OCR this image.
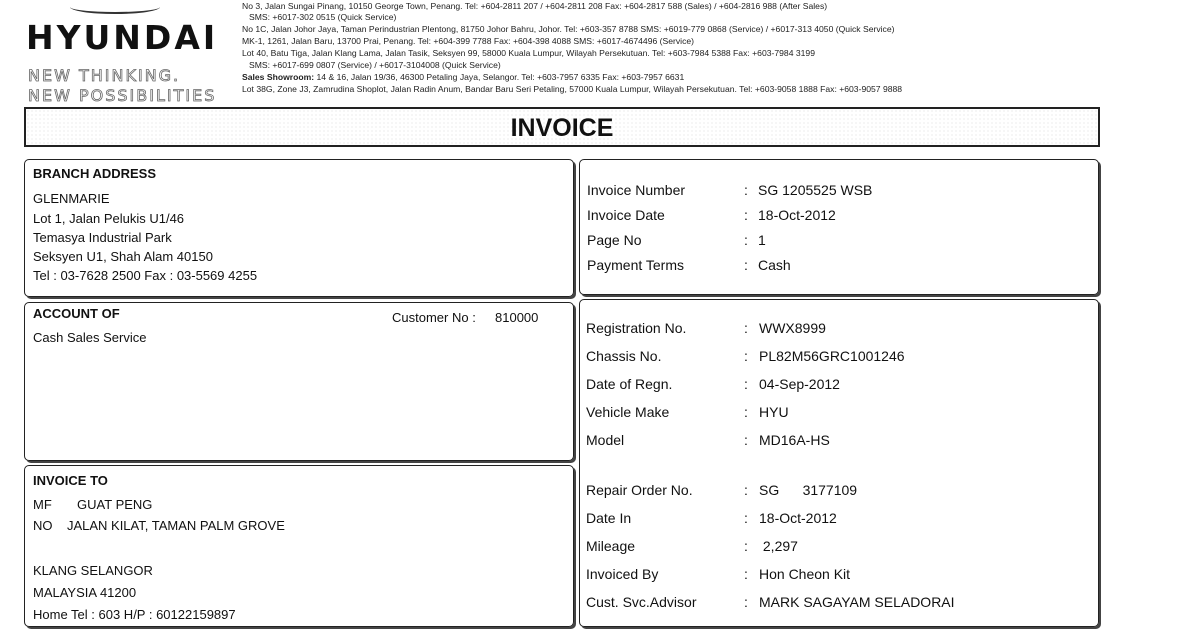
HYUNDAI
NEW THINKING.
NEW POSSIBILITIES
No 3, Jalan Sungai Pinang, 10150 George Town, Penang. Tel: +604-2811 207 / +604-2811 208 Fax: +604-2817 588 (Sales) / +604-2816 988 (After Sales)
SMS: +6017-302 0515 (Quick Service)
No 1C, Jalan Johor Jaya, Taman Perindustrian Plentong, 81750 Johor Bahru, Johor. Tel: +603-357 8788 SMS: +6019-779 0868 (Service) / +6017-313 4050 (Quick Service)
MK-1, 1261, Jalan Baru, 13700 Prai, Penang. Tel: +604-399 7788 Fax: +604-398 4088 SMS: +6017-4674496 (Service)
Lot 40, Batu Tiga, Jalan Klang Lama, Jalan Tasik, Seksyen 99, 58000 Kuala Lumpur, Wilayah Persekutuan. Tel: +603-7984 5388 Fax: +603-7984 3199
SMS: +6017-699 0807 (Service) / +6017-3104008 (Quick Service)
Sales Showroom: 14 & 16, Jalan 19/36, 46300 Petaling Jaya, Selangor. Tel: +603-7957 6335 Fax: +603-7957 6631
Lot 38G, Zone J3, Zamrudina Shoplot, Jalan Radin Anum, Bandar Baru Seri Petaling, 57000 Kuala Lumpur, Wilayah Persekutuan. Tel: +603-9058 1888 Fax: +603-9057 9888
INVOICE
BRANCH ADDRESS
GLENMARIE
Lot 1, Jalan Pelukis U1/46
Temasya Industrial Park
Seksyen U1, Shah Alam 40150
Tel : 03-7628 2500 Fax : 03-5569 4255
ACCOUNT OF	Customer No : 810000
Cash Sales Service
INVOICE TO
MF       GUAT PENG
NO    JALAN KILAT, TAMAN PALM GROVE
KLANG SELANGOR
MALAYSIA 41200
Home Tel : 603 H/P : 60122159897
Invoice Number	: SG 1205525 WSB
Invoice Date	: 18-Oct-2012
Page No	: 1
Payment Terms	: Cash
Registration No.	: WWX8999
Chassis No.	: PL82M56GRC1001246
Date of Regn.	: 04-Sep-2012
Vehicle Make	: HYU
Model	: MD16A-HS
Repair Order No.	: SG      3177109
Date In	: 18-Oct-2012
Mileage	: 2,297
Invoiced By	: Hon Cheon Kit
Cust. Svc.Advisor	: MARK SAGAYAM SELADORAI
